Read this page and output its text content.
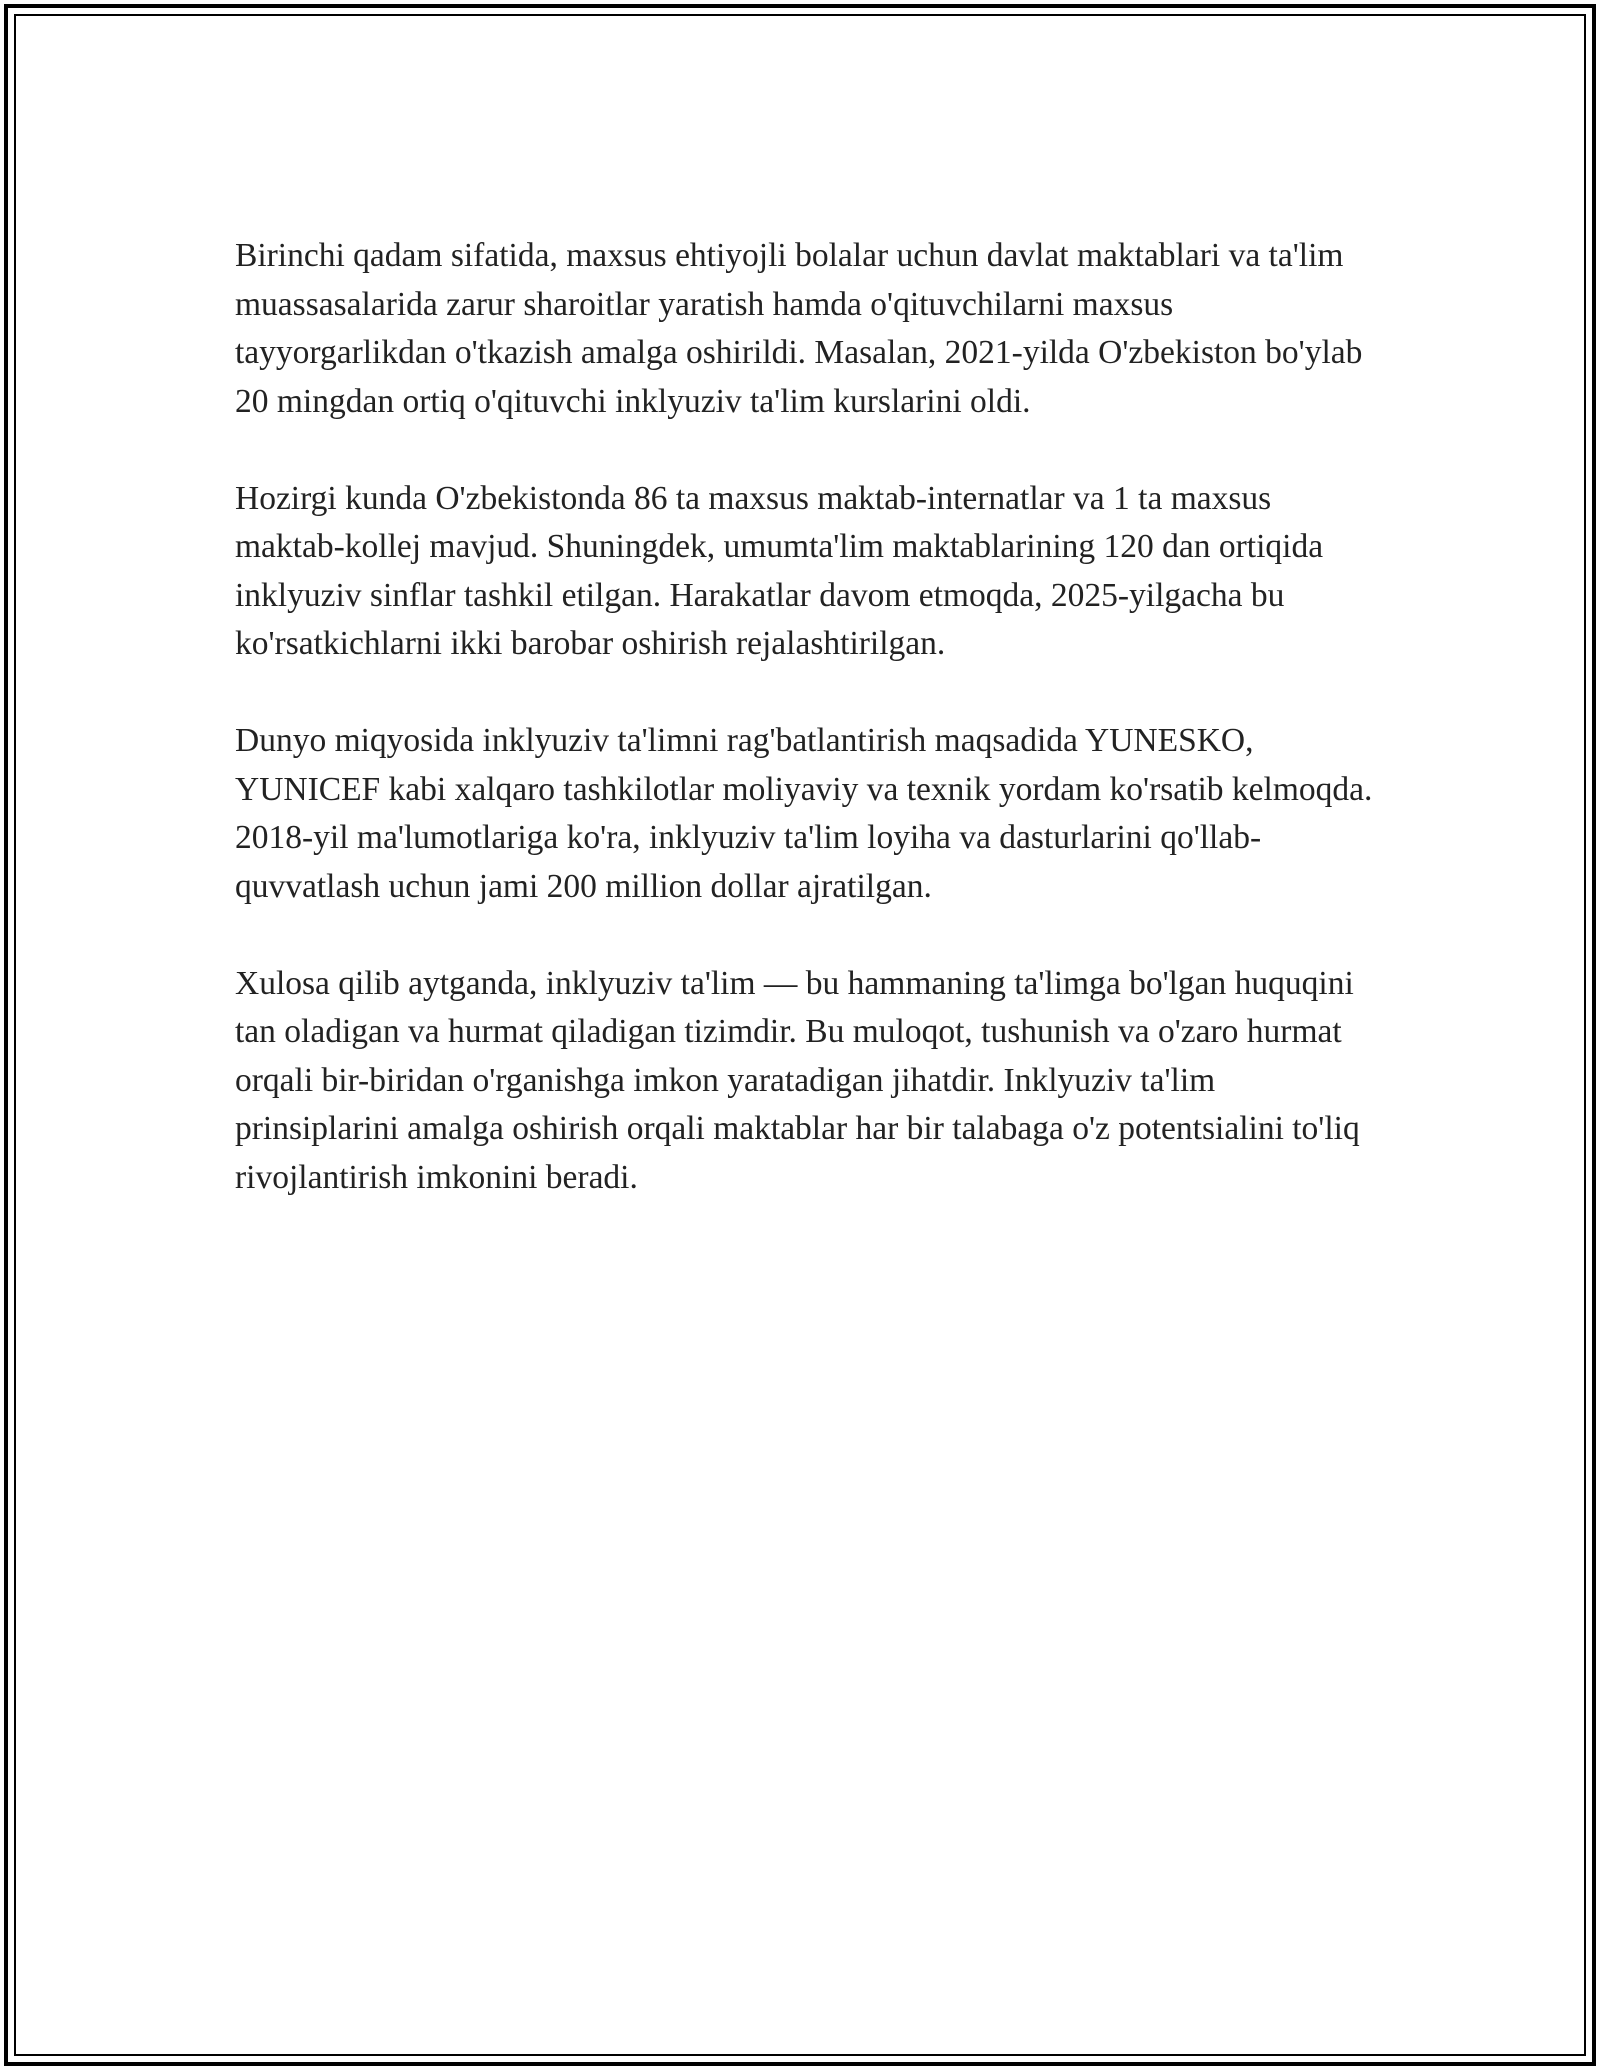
Birinchi qadam sifatida, maxsus ehtiyojli bolalar uchun davlat maktablari va ta'lim muassasalarida zarur sharoitlar yaratish hamda o'qituvchilarni maxsus tayyorgarlikdan o'tkazish amalga oshirildi. Masalan, 2021-yilda O'zbekiston bo'ylab 20 mingdan ortiq o'qituvchi inklyuziv ta'lim kurslarini oldi.

Hozirgi kunda O'zbekistonda 86 ta maxsus maktab-internatlar va 1 ta maxsus maktab-kollej mavjud. Shuningdek, umumta'lim maktablarining 120 dan ortiqida inklyuziv sinflar tashkil etilgan. Harakatlar davom etmoqda, 2025-yilgacha bu ko'rsatkichlarni ikki barobar oshirish rejalashtirilgan.

Dunyo miqyosida inklyuziv ta'limni rag'batlantirish maqsadida YUNESKO, YUNICEF kabi xalqaro tashkilotlar moliyaviy va texnik yordam ko'rsatib kelmoqda. 2018-yil ma'lumotlariga ko'ra, inklyuziv ta'lim loyiha va dasturlarini qo'llab-quvvatlash uchun jami 200 million dollar ajratilgan.

Xulosa qilib aytganda, inklyuziv ta'lim — bu hammaning ta'limga bo'lgan huquqini tan oladigan va hurmat qiladigan tizimdir. Bu muloqot, tushunish va o'zaro hurmat orqali bir-biridan o'rganishga imkon yaratadigan jihatdir. Inklyuziv ta'lim prinsiplarini amalga oshirish orqali maktablar har bir talabaga o'z potentsialini to'liq rivojlantirish imkonini beradi.
